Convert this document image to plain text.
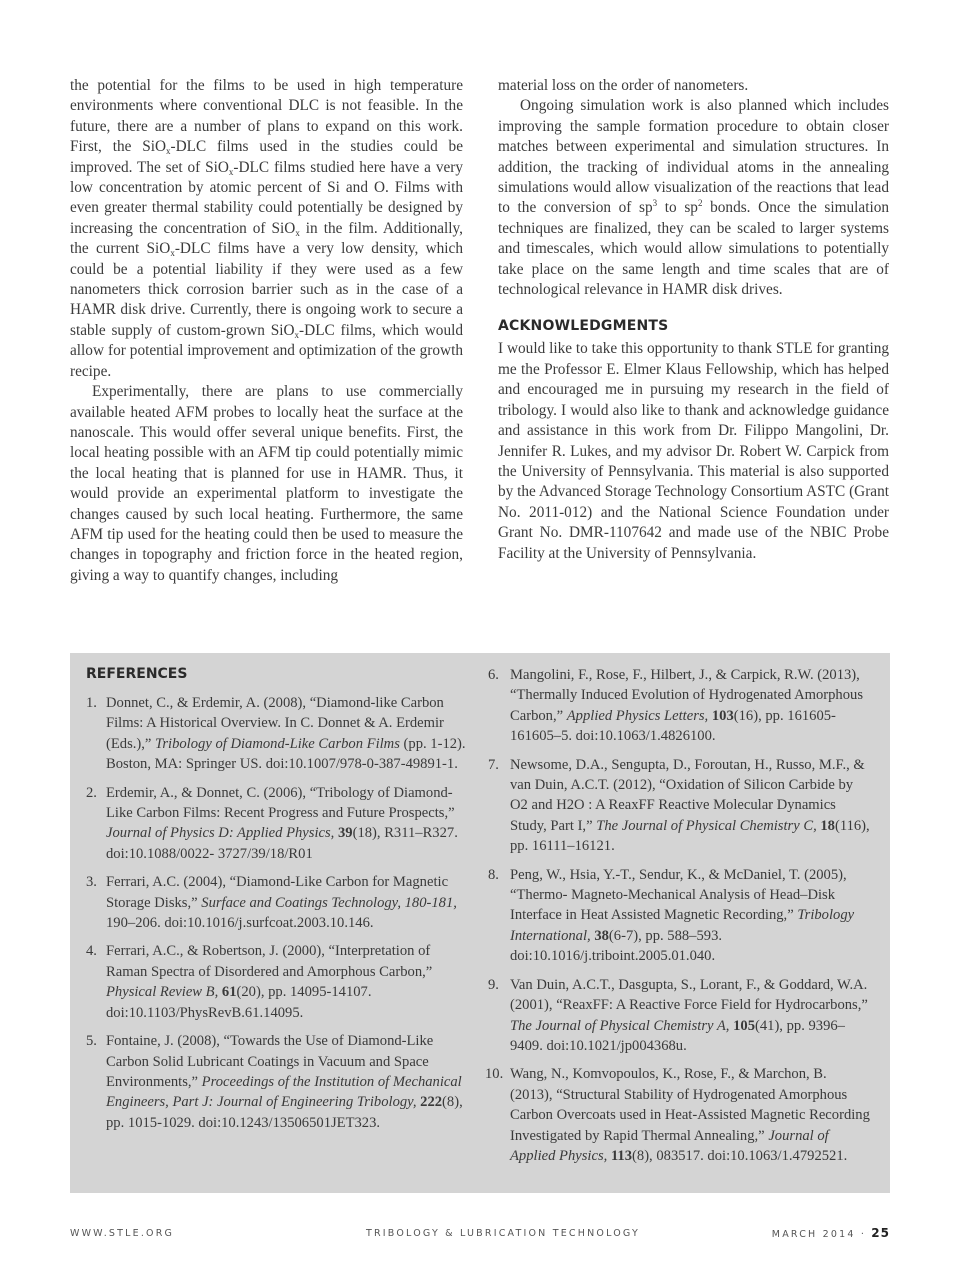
the potential for the films to be used in high temperature environments where conventional DLC is not feasible. In the future, there are a number of plans to expand on this work. First, the SiO$_x$-DLC films used in the studies could be improved. The set of SiO$_x$-DLC films studied here have a very low concentration by atomic percent of Si and O. Films with even greater thermal stability could potentially be designed by increasing the concentration of SiO$_x$ in the film. Additionally, the current SiO$_x$-DLC films have a very low density, which could be a potential liability if they were used as a few nanometers thick corrosion barrier such as in the case of a HAMR disk drive. Currently, there is ongoing work to secure a stable supply of custom-grown SiO$_x$-DLC films, which would allow for potential improvement and optimization of the growth recipe.

Experimentally, there are plans to use commercially available heated AFM probes to locally heat the surface at the nanoscale. This would offer several unique benefits. First, the local heating possible with an AFM tip could potentially mimic the local heating that is planned for use in HAMR. Thus, it would provide an experimental platform to investigate the changes caused by such local heating. Furthermore, the same AFM tip used for the heating could then be used to measure the changes in topography and friction force in the heated region, giving a way to quantify changes, including

material loss on the order of nanometers.

Ongoing simulation work is also planned which includes improving the sample formation procedure to obtain closer matches between experimental and simulation structures. In addition, the tracking of individual atoms in the annealing simulations would allow visualization of the reactions that lead to the conversion of $sp^3$ to $sp^2$ bonds. Once the simulation techniques are finalized, they can be scaled to larger systems and timescales, which would allow simulations to potentially take place on the same length and time scales that are of technological relevance in HAMR disk drives.

ACKNOWLEDGMENTS

I would like to take this opportunity to thank STLE for granting me the Professor E. Elmer Klaus Fellowship, which has helped and encouraged me in pursuing my research in the field of tribology. I would also like to thank and acknowledge guidance and assistance in this work from Dr. Filippo Mangolini, Dr. Jennifer R. Lukes, and my advisor Dr. Robert W. Carpick from the University of Pennsylvania. This material is also supported by the Advanced Storage Technology Consortium ASTC (Grant No. 2011-012) and the National Science Foundation under Grant No. DMR-1107642 and made use of the NBIC Probe Facility at the University of Pennsylvania.

REFERENCES
1. Donnet, C., & Erdemir, A. (2008), “Diamond-like Carbon Films: A Historical Overview. In C. Donnet & A. Erdemir (Eds.),” Tribology of Diamond-Like Carbon Films (pp. 1-12). Boston, MA: Springer US. doi:10.1007/978-0-387-49891-1.
2. Erdemir, A., & Donnet, C. (2006), “Tribology of Diamond-Like Carbon Films: Recent Progress and Future Prospects,” Journal of Physics D: Applied Physics, 39(18), R311–R327. doi:10.1088/0022- 3727/39/18/R01
3. Ferrari, A.C. (2004), “Diamond-Like Carbon for Magnetic Storage Disks,” Surface and Coatings Technology, 180-181, 190–206. doi:10.1016/j.surfcoat.2003.10.146.
4. Ferrari, A.C., & Robertson, J. (2000), “Interpretation of Raman Spectra of Disordered and Amorphous Carbon,” Physical Review B, 61(20), pp. 14095-14107. doi:10.1103/PhysRevB.61.14095.
5. Fontaine, J. (2008), “Towards the Use of Diamond-Like Carbon Solid Lubricant Coatings in Vacuum and Space Environments,” Proceedings of the Institution of Mechanical Engineers, Part J: Journal of Engineering Tribology, 222(8), pp. 1015-1029. doi:10.1243/13506501JET323.
6. Mangolini, F., Rose, F., Hilbert, J., & Carpick, R.W. (2013), “Thermally Induced Evolution of Hydrogenated Amorphous Carbon,” Applied Physics Letters, 103(16), pp. 161605-161605–5. doi:10.1063/1.4826100.
7. Newsome, D.A., Sengupta, D., Foroutan, H., Russo, M.F., & van Duin, A.C.T. (2012), “Oxidation of Silicon Carbide by O2 and H2O : A ReaxFF Reactive Molecular Dynamics Study, Part I,” The Journal of Physical Chemistry C, 18(116), pp. 16111–16121.
8. Peng, W., Hsia, Y.-T., Sendur, K., & McDaniel, T. (2005), “Thermo- Magneto-Mechanical Analysis of Head–Disk Interface in Heat Assisted Magnetic Recording,” Tribology International, 38(6-7), pp. 588–593. doi:10.1016/j.triboint.2005.01.040.
9. Van Duin, A.C.T., Dasgupta, S., Lorant, F., & Goddard, W.A. (2001), “ReaxFF: A Reactive Force Field for Hydrocarbons,” The Journal of Physical Chemistry A, 105(41), pp. 9396–9409. doi:10.1021/jp004368u.
10. Wang, N., Komvopoulos, K., Rose, F., & Marchon, B. (2013), “Structural Stability of Hydrogenated Amorphous Carbon Overcoats used in Heat-Assisted Magnetic Recording Investigated by Rapid Thermal Annealing,” Journal of Applied Physics, 113(8), 083517. doi:10.1063/1.4792521.
WWW.STLE.ORG	TRIBOLOGY & LUBRICATION TECHNOLOGY	MARCH 2014 · 25
